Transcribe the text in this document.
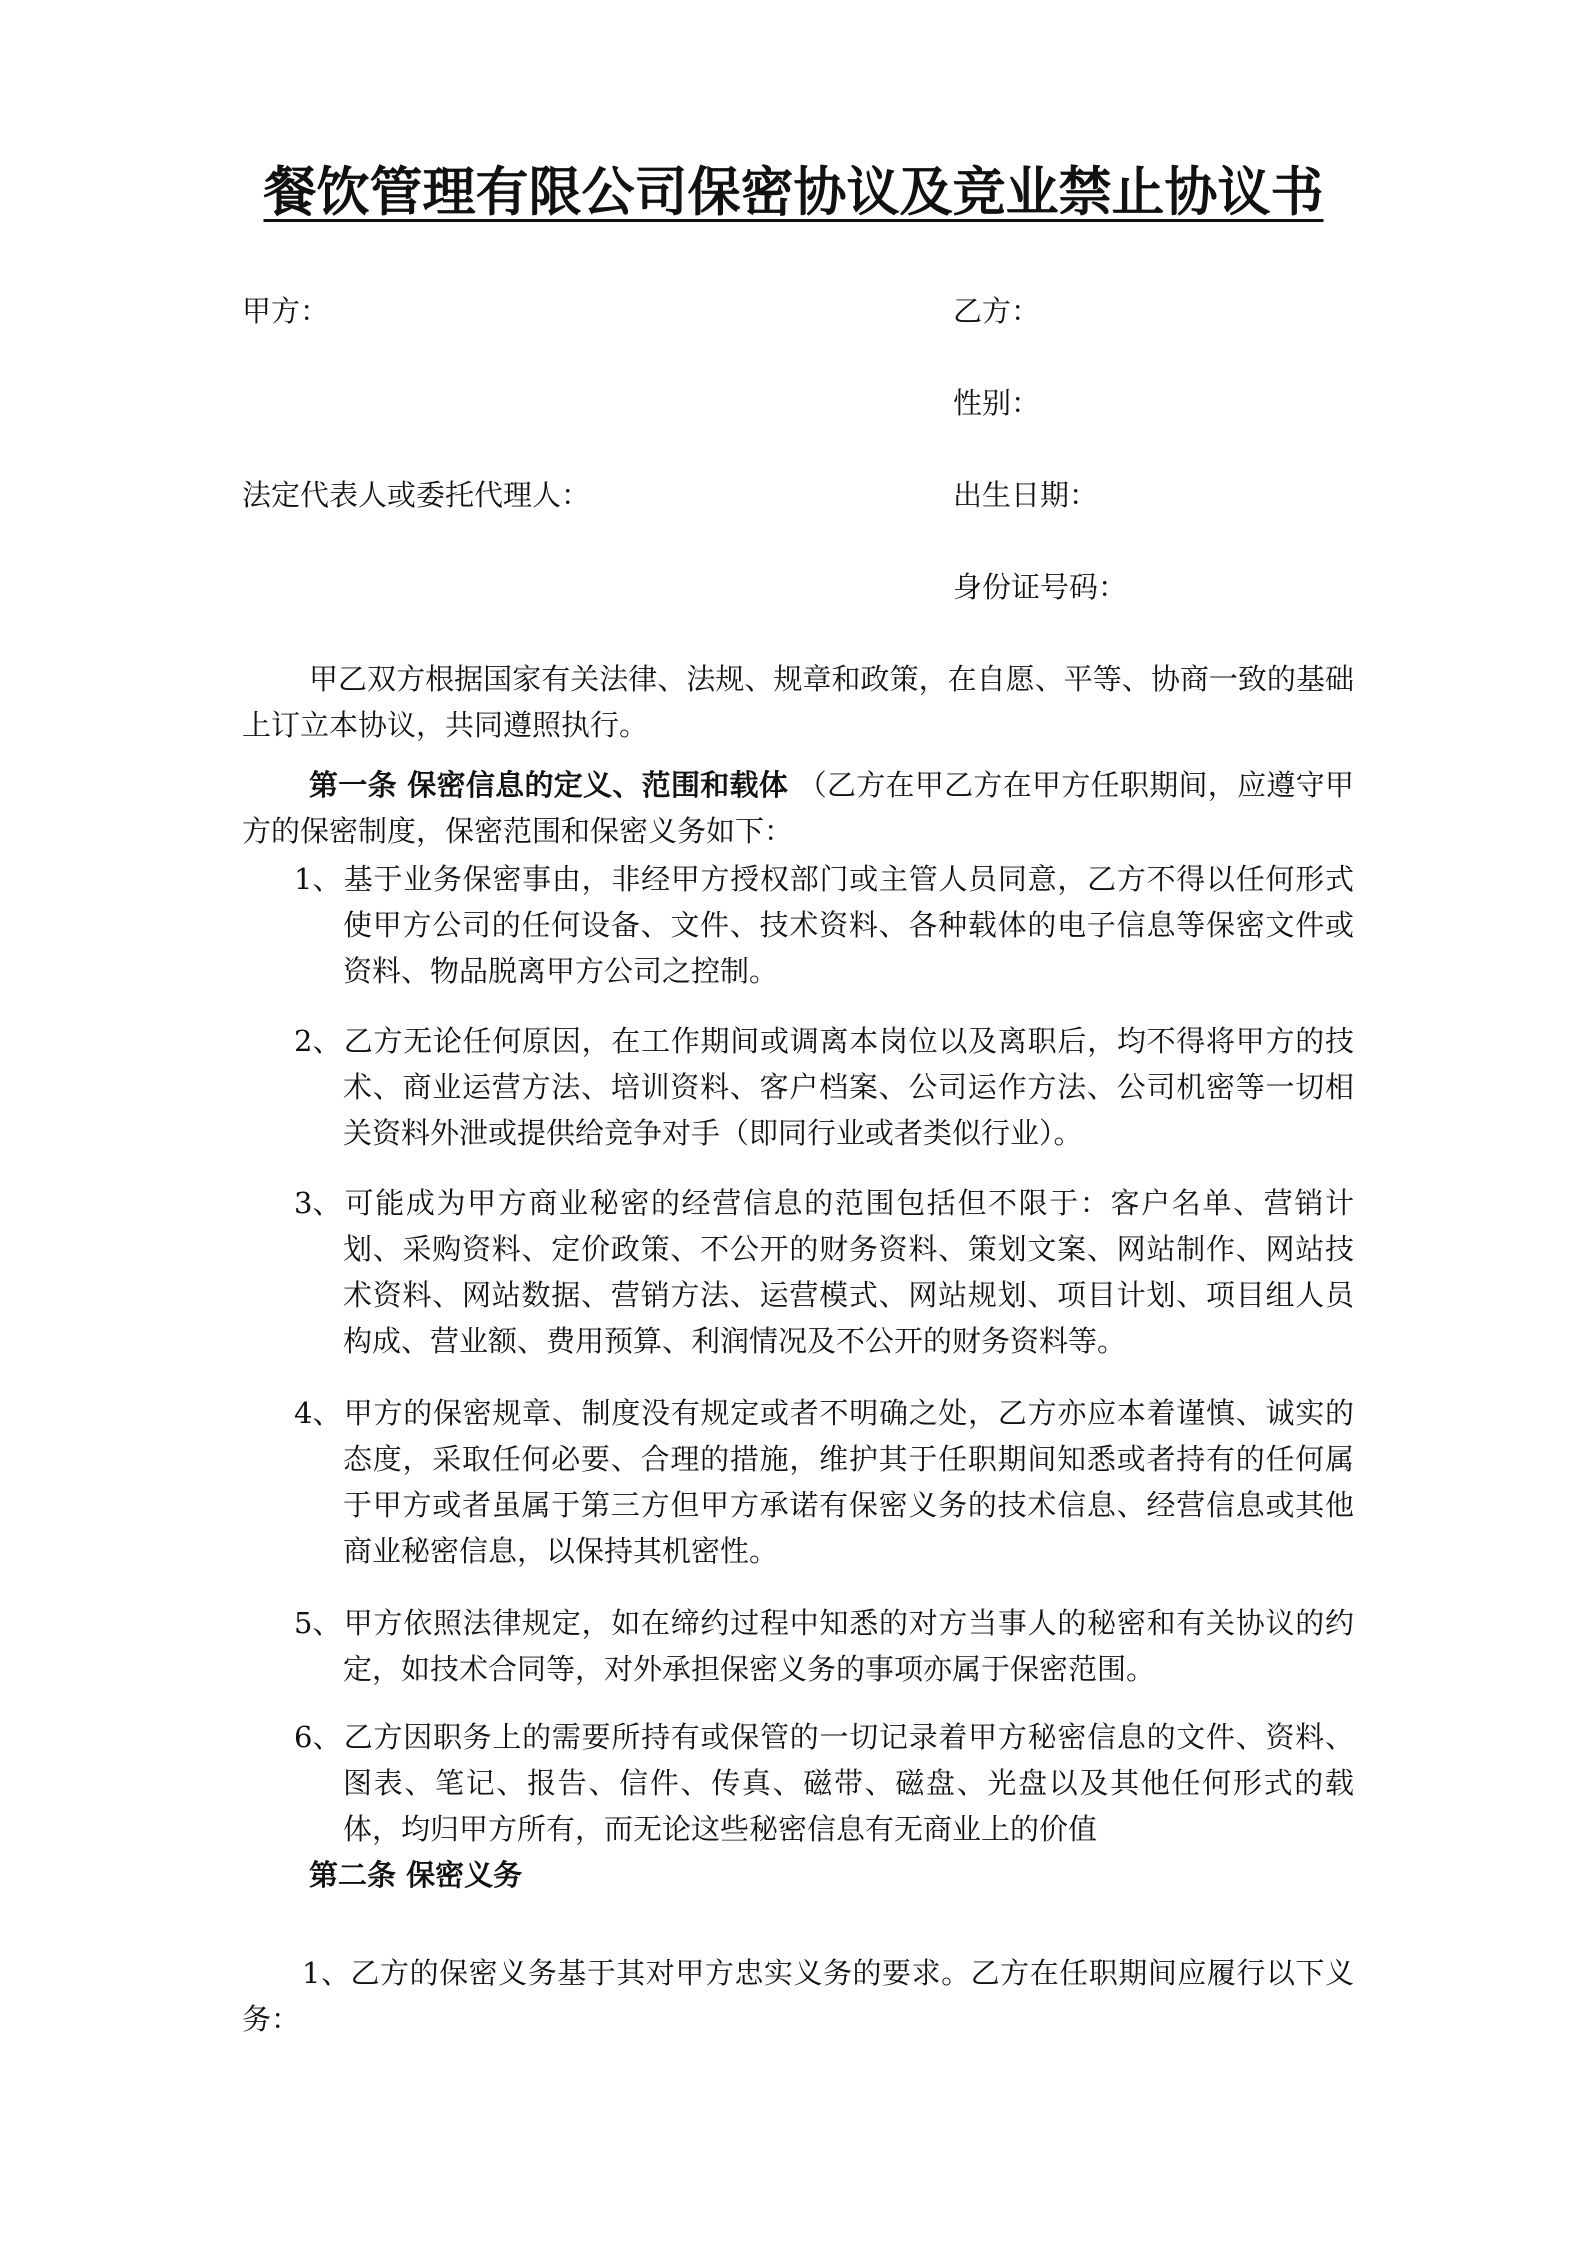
餐饮管理有限公司保密协议及竞业禁止协议书
甲方：	乙方：
性别：
法定代表人或委托代理人：	出生日期：
身份证号码：

甲乙双方根据国家有关法律、法规、规章和政策，在自愿、平等、协商一致的基础上订立本协议，共同遵照执行。

第一条 保密信息的定义、范围和载体 （乙方在甲乙方在甲方任职期间，应遵守甲方的保密制度，保密范围和保密义务如下：

1、基于业务保密事由，非经甲方授权部门或主管人员同意，乙方不得以任何形式使甲方公司的任何设备、文件、技术资料、各种载体的电子信息等保密文件或资料、物品脱离甲方公司之控制。

2、乙方无论任何原因，在工作期间或调离本岗位以及离职后，均不得将甲方的技术、商业运营方法、培训资料、客户档案、公司运作方法、公司机密等一切相关资料外泄或提供给竞争对手（即同行业或者类似行业）。

3、可能成为甲方商业秘密的经营信息的范围包括但不限于：客户名单、营销计划、采购资料、定价政策、不公开的财务资料、策划文案、网站制作、网站技术资料、网站数据、营销方法、运营模式、网站规划、项目计划、项目组人员构成、营业额、费用预算、利润情况及不公开的财务资料等。

4、甲方的保密规章、制度没有规定或者不明确之处，乙方亦应本着谨慎、诚实的态度，采取任何必要、合理的措施，维护其于任职期间知悉或者持有的任何属于甲方或者虽属于第三方但甲方承诺有保密义务的技术信息、经营信息或其他商业秘密信息，以保持其机密性。

5、甲方依照法律规定，如在缔约过程中知悉的对方当事人的秘密和有关协议的约定，如技术合同等，对外承担保密义务的事项亦属于保密范围。

6、乙方因职务上的需要所持有或保管的一切记录着甲方秘密信息的文件、资料、图表、笔记、报告、信件、传真、磁带、磁盘、光盘以及其他任何形式的载体，均归甲方所有，而无论这些秘密信息有无商业上的价值

第二条 保密义务

1、乙方的保密义务基于其对甲方忠实义务的要求。乙方在任职期间应履行以下义务：
